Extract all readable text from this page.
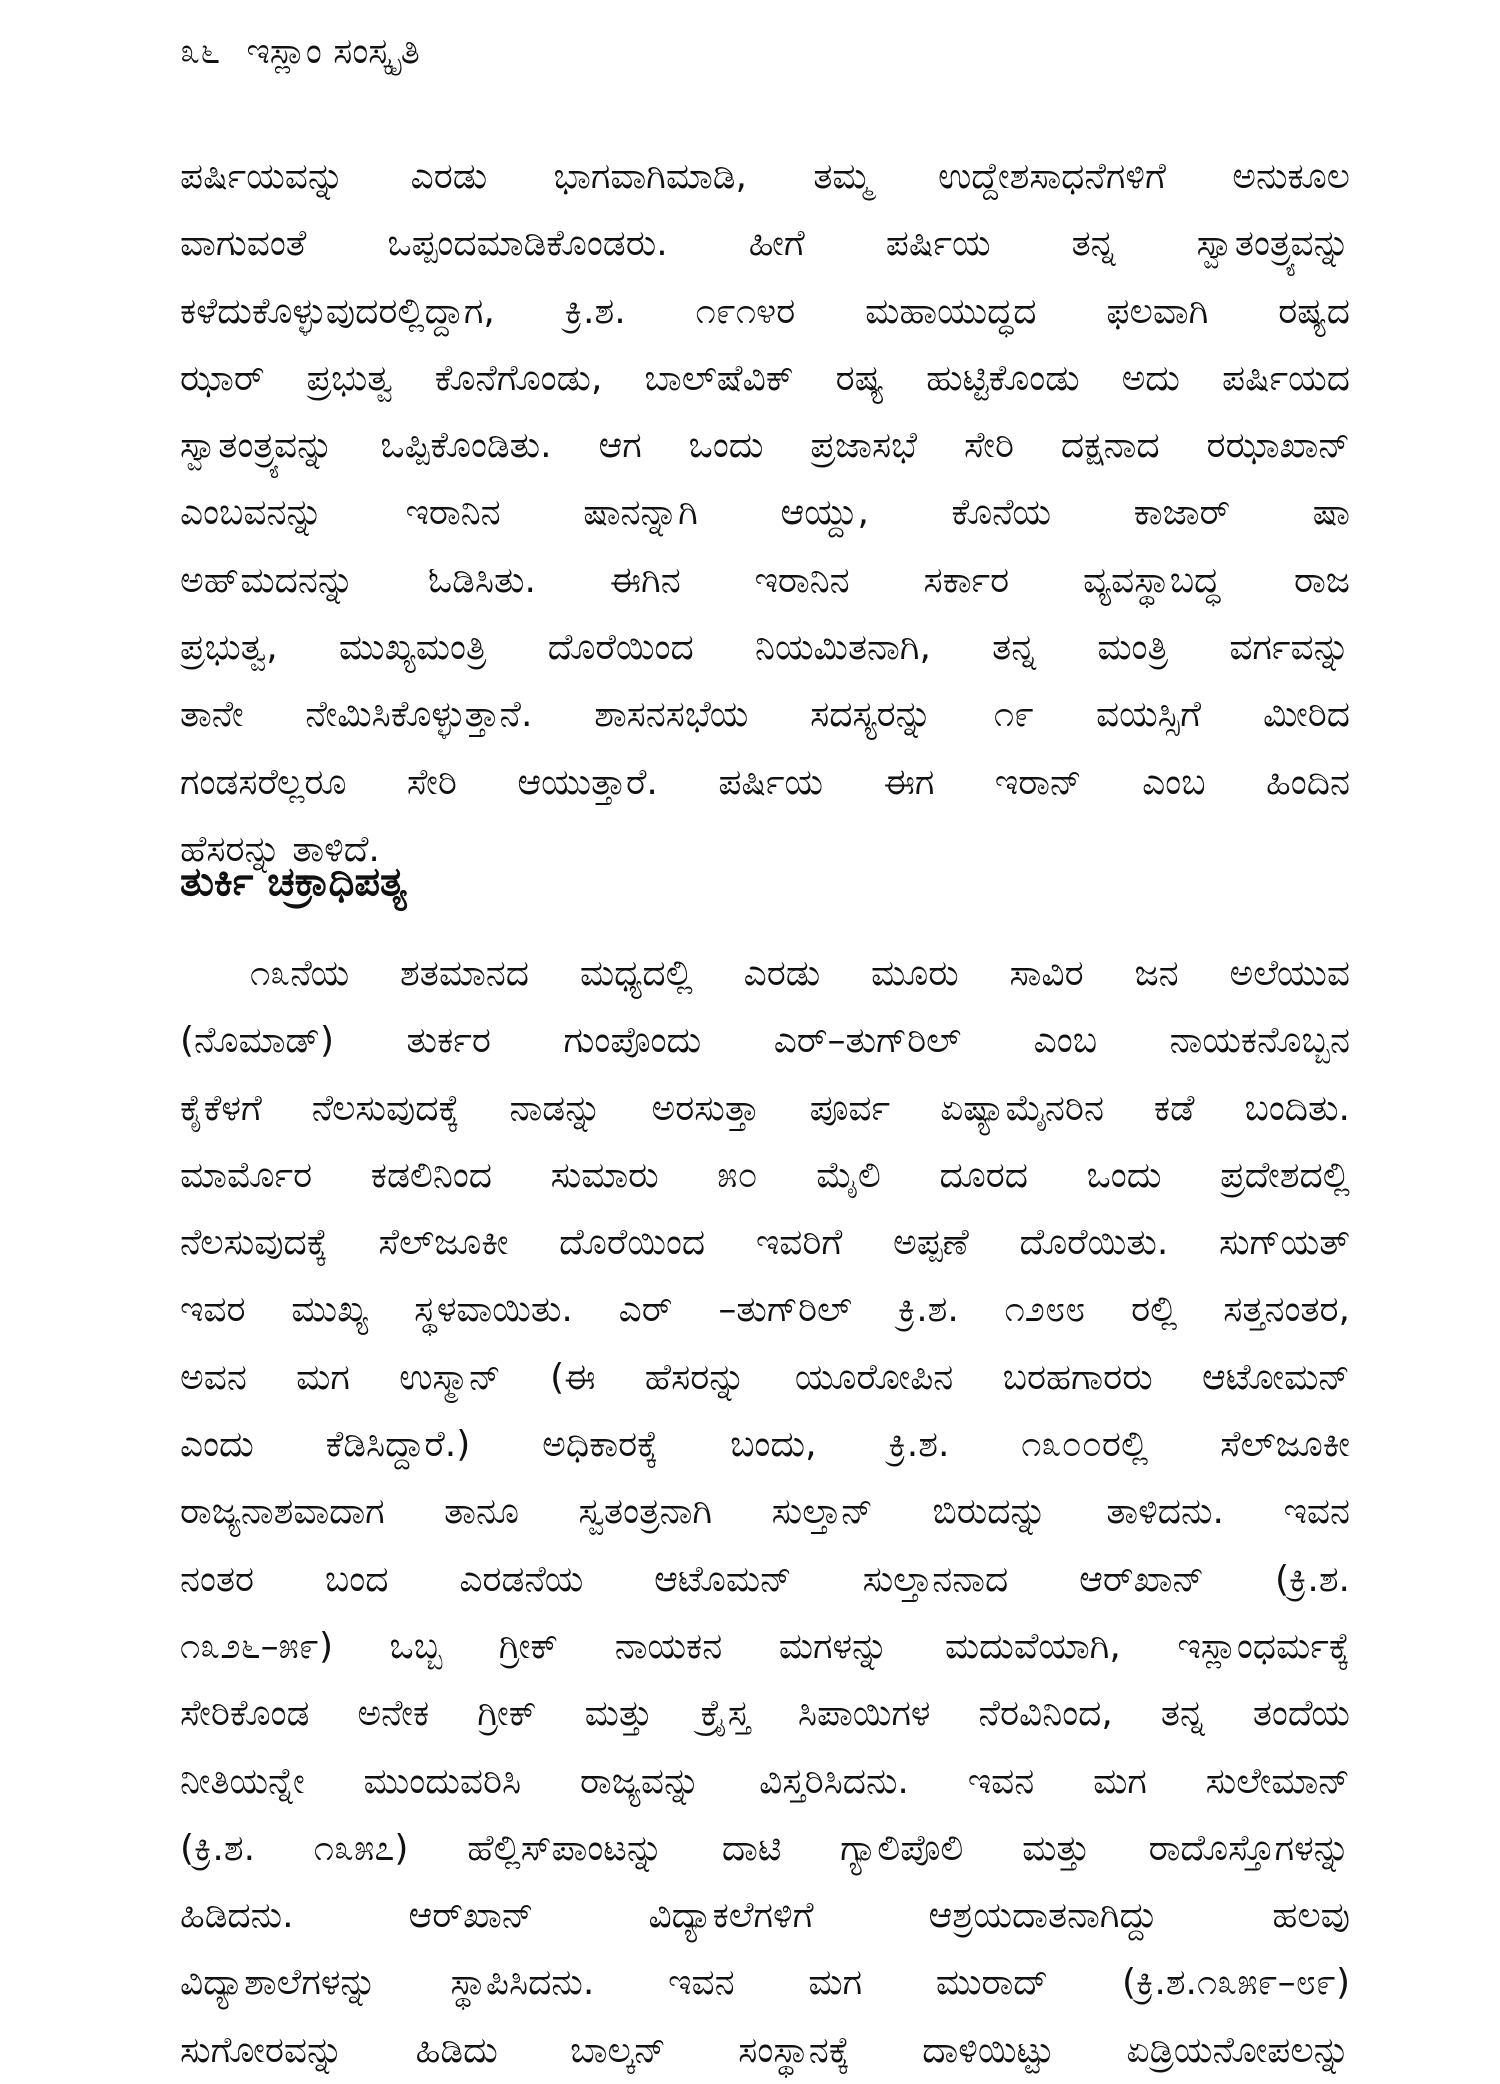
೩೬ ಇಸ್ಲಾಂ ಸಂಸ್ಕೃತಿ

ಪರ್ಷಿಯವನ್ನು ಎರಡು ಭಾಗವಾಗಿಮಾಡಿ, ತಮ್ಮ ಉದ್ದೇಶಸಾಧನೆಗಳಿಗೆ ಅನುಕೂಲ
ವಾಗುವಂತೆ ಒಪ್ಪಂದಮಾಡಿಕೊಂಡರು. ಹೀಗೆ ಪರ್ಷಿಯ ತನ್ನ ಸ್ವಾತಂತ್ರ್ಯವನ್ನು
ಕಳೆದುಕೊಳ್ಳುವುದರಲ್ಲಿದ್ದಾಗ, ಕ್ರಿ.ಶ. ೧೯೧೪ರ ಮಹಾಯುದ್ಧದ ಫಲವಾಗಿ ರಷ್ಯದ
ಝಾರ್ ಪ್ರಭುತ್ವ ಕೊನೆಗೊಂಡು, ಬಾಲ್‌ಷೆವಿಕ್ ರಷ್ಯ ಹುಟ್ಟಿಕೊಂಡು ಅದು ಪರ್ಷಿಯದ
ಸ್ವಾತಂತ್ರ್ಯವನ್ನು ಒಪ್ಪಿಕೊಂಡಿತು. ಆಗ ಒಂದು ಪ್ರಜಾಸಭೆ ಸೇರಿ ದಕ್ಷನಾದ ರಝಾಖಾನ್
ಎಂಬವನನ್ನು ಇರಾನಿನ ಷಾನನ್ನಾಗಿ ಆಯ್ದು, ಕೊನೆಯ ಕಾಜಾರ್ ಷಾ
ಅಹ್‌ಮದನನ್ನು ಓಡಿಸಿತು. ಈಗಿನ ಇರಾನಿನ ಸರ್ಕಾರ ವ್ಯವಸ್ಥಾಬದ್ಧ ರಾಜ
ಪ್ರಭುತ್ವ, ಮುಖ್ಯಮಂತ್ರಿ ದೊರೆಯಿಂದ ನಿಯಮಿತನಾಗಿ, ತನ್ನ ಮಂತ್ರಿ ವರ್ಗವನ್ನು
ತಾನೇ ನೇಮಿಸಿಕೊಳ್ಳುತ್ತಾನೆ. ಶಾಸನಸಭೆಯ ಸದಸ್ಯರನ್ನು ೧೯ ವಯಸ್ಸಿಗೆ ಮೀರಿದ
ಗಂಡಸರೆಲ್ಲರೂ ಸೇರಿ ಆಯುತ್ತಾರೆ. ಪರ್ಷಿಯ ಈಗ ಇರಾನ್ ಎಂಬ ಹಿಂದಿನ
ಹೆಸರನ್ನು ತಾಳಿದೆ.

ತುರ್ಕಿ ಚಕ್ರಾಧಿಪತ್ಯ

೧೩ನೆಯ ಶತಮಾನದ ಮಧ್ಯದಲ್ಲಿ ಎರಡು ಮೂರು ಸಾವಿರ ಜನ ಅಲೆಯುವ
(ನೊಮಾಡ್) ತುರ್ಕರ ಗುಂಪೊಂದು ಎರ್‌–ತುಗ್‌ರಿಲ್ ಎಂಬ ನಾಯಕನೊಬ್ಬನ
ಕೈಕೆಳಗೆ ನೆಲಸುವುದಕ್ಕೆ ನಾಡನ್ನು ಅರಸುತ್ತಾ ಪೂರ್ವ ಏಷ್ಯಾಮೈನರಿನ ಕಡೆ ಬಂದಿತು.
ಮಾರ್ಮೊರ ಕಡಲಿನಿಂದ ಸುಮಾರು ೫೦ ಮೈಲಿ ದೂರದ ಒಂದು ಪ್ರದೇಶದಲ್ಲಿ
ನೆಲಸುವುದಕ್ಕೆ ಸೆಲ್‌ಜೂಕೀ ದೊರೆಯಿಂದ ಇವರಿಗೆ ಅಪ್ಪಣೆ ದೊರೆಯಿತು. ಸುಗ್‌ಯತ್
ಇವರ ಮುಖ್ಯ ಸ್ಥಳವಾಯಿತು. ಎರ್ –ತುಗ್‌ರಿಲ್ ಕ್ರಿ.ಶ. ೧೨೮೮ ರಲ್ಲಿ ಸತ್ತನಂತರ,
ಅವನ ಮಗ ಉಸ್ಮಾನ್ (ಈ ಹೆಸರನ್ನು ಯೂರೋಪಿನ ಬರಹಗಾರರು ಆಟೋಮನ್
ಎಂದು ಕೆಡಿಸಿದ್ದಾರೆ.) ಅಧಿಕಾರಕ್ಕೆ ಬಂದು, ಕ್ರಿ.ಶ. ೧೩೦೦ರಲ್ಲಿ ಸೆಲ್‌ಜೂಕೀ
ರಾಜ್ಯನಾಶವಾದಾಗ ತಾನೂ ಸ್ವತಂತ್ರನಾಗಿ ಸುಲ್ತಾನ್ ಬಿರುದನ್ನು ತಾಳಿದನು. ಇವನ
ನಂತರ ಬಂದ ಎರಡನೆಯ ಆಟೊಮನ್ ಸುಲ್ತಾನನಾದ ಆರ್‌ಖಾನ್ (ಕ್ರಿ.ಶ.
೧೩೨೬–೫೯) ಒಬ್ಬ ಗ್ರೀಕ್ ನಾಯಕನ ಮಗಳನ್ನು ಮದುವೆಯಾಗಿ, ಇಸ್ಲಾಂಧರ್ಮಕ್ಕೆ
ಸೇರಿಕೊಂಡ ಅನೇಕ ಗ್ರೀಕ್ ಮತ್ತು ಕ್ರೈಸ್ತ ಸಿಪಾಯಿಗಳ ನೆರವಿನಿಂದ, ತನ್ನ ತಂದೆಯ
ನೀತಿಯನ್ನೇ ಮುಂದುವರಿಸಿ ರಾಜ್ಯವನ್ನು ವಿಸ್ತರಿಸಿದನು. ಇವನ ಮಗ ಸುಲೇಮಾನ್
(ಕ್ರಿ.ಶ. ೧೩೫೭) ಹೆಲ್ಲಿಸ್‌ಪಾಂಟನ್ನು ದಾಟಿ ಗ್ಯಾಲಿಪೊಲಿ ಮತ್ತು ರಾದೊಸ್ತೊಗಳನ್ನು
ಹಿಡಿದನು. ಆರ್‌ಖಾನ್ ವಿದ್ಯಾಕಲೆಗಳಿಗೆ ಆಶ್ರಯದಾತನಾಗಿದ್ದು ಹಲವು
ವಿದ್ಯಾಶಾಲೆಗಳನ್ನು ಸ್ಥಾಪಿಸಿದನು. ಇವನ ಮಗ ಮುರಾದ್ (ಕ್ರಿ.ಶ.೧೩೫೯–೮೯)
ಸುಗೋರವನ್ನು ಹಿಡಿದು ಬಾಲ್ಕನ್ ಸಂಸ್ಥಾನಕ್ಕೆ ದಾಳಿಯಿಟ್ಟು ಏಡ್ರಿಯನೋಪಲನ್ನು
